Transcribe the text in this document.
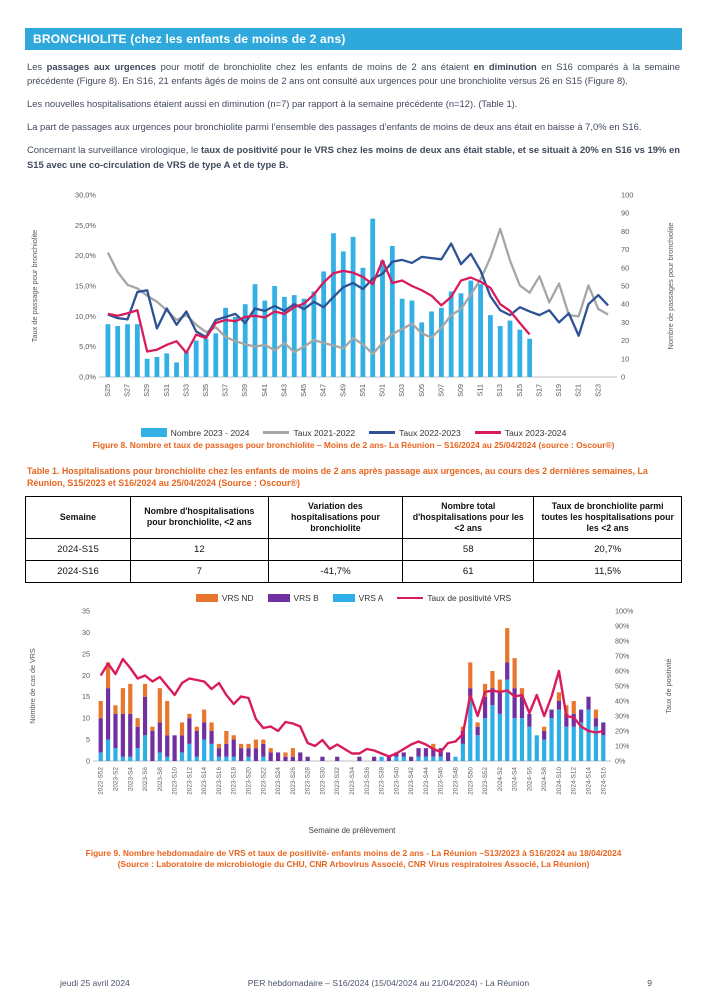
BRONCHIOLITE (chez les enfants de moins de 2 ans)

Les passages aux urgences pour motif de bronchiolite chez les enfants de moins de 2 ans étaient en diminution en S16 comparés à la semaine précédente (Figure 8). En S16, 21 enfants âgés de moins de 2 ans ont consulté aux urgences pour une bronchiolite versus 26 en S15 (Figure 8).

Les nouvelles hospitalisations étaient aussi en diminution (n=7) par rapport à la semaine précédente (n=12). (Table 1).

La part de passages aux urgences pour bronchiolite parmi l’ensemble des passages d’enfants de moins de deux ans était en baisse à 7,0% en S16.

Concernant la surveillance virologique, le taux de positivité pour le VRS chez les moins de deux ans était stable, et se situait à 20% en S16 vs 19% en S15 avec une co-circulation de VRS de type A et de type B.

0,0%
5,0%
10,0%
15,0%
20,0%
25,0%
30,0%
0
10
20
30
40
50
60
70
80
90
100
Taux de passage pour bronchiolite	Nombre de passages pour bronchiolite
S25 S27 S29 S31 S33 S35 S37 S39 S41 S43 S45 S47 S49 S51 S01 S03 S05 S07 S09 S11 S13 S15 S17 S19 S21 S23
Nombre 2023 - 2024	Taux 2021-2022	Taux 2022-2023	Taux 2023-2024

Figure 8. Nombre et taux de passages pour bronchiolite – Moins de 2 ans- La Réunion – S16/2024 au 25/04/2024 (source : Oscour®)

Table 1. Hospitalisations pour bronchiolite chez les enfants de moins de 2 ans après passage aux urgences, au cours des 2 dernières semaines, La Réunion, S15/2023 et S16/2024 au 25/04/2024 (Source : Oscour®)

Semaine	Nombre d'hospitalisations pour bronchiolite, <2 ans	Variation des hospitalisations pour bronchiolite	Nombre total d'hospitalisations pour les <2 ans	Taux de bronchiolite parmi toutes les hospitalisations pour les <2 ans
2024-S15	12		58	20,7%
2024-S16	7	-41,7%	61	11,5%
VRS ND	VRS B	VRS A	Taux de positivité VRS
0
5
10
15
20
25
30
35
0%
10%
20%
30%
40%
50%
60%
70%
80%
90%
100%
Nombre de cas de VRS	Taux de positivité
2022-S52 2023-S2 2023-S4 2023-S6 2023-S8 2023-S10 2023-S12 2023-S14 2023-S16 2023-S18 2023-S20 2023-S22 2023-S24 2023-S26 2023-S28 2023-S30 2023-S32 2023-S34 2023-S36 2023-S38 2023-S40 2023-S42 2023-S44 2023-S46 2023-S48 2023-S50 2023-S52 2024-S2 2024-S4 2024-S6 2024-S8 2024-S10 2024-S12 2024-S14 2024-S16
Semaine de prélèvement

Figure 9. Nombre hebdomadaire de VRS et taux de positivité- enfants moins de 2 ans - La Réunion –S13/2023 à S16/2024 au 18/04/2024
(Source : Laboratoire de microbiologie du CHU, CNR Arbovirus Associé, CNR Virus respiratoires Associé, La Réunion)

jeudi 25 avril 2024	PER hebdomadaire – S16/2024 (15/04/2024 au 21/04/2024) - La Réunion	9
